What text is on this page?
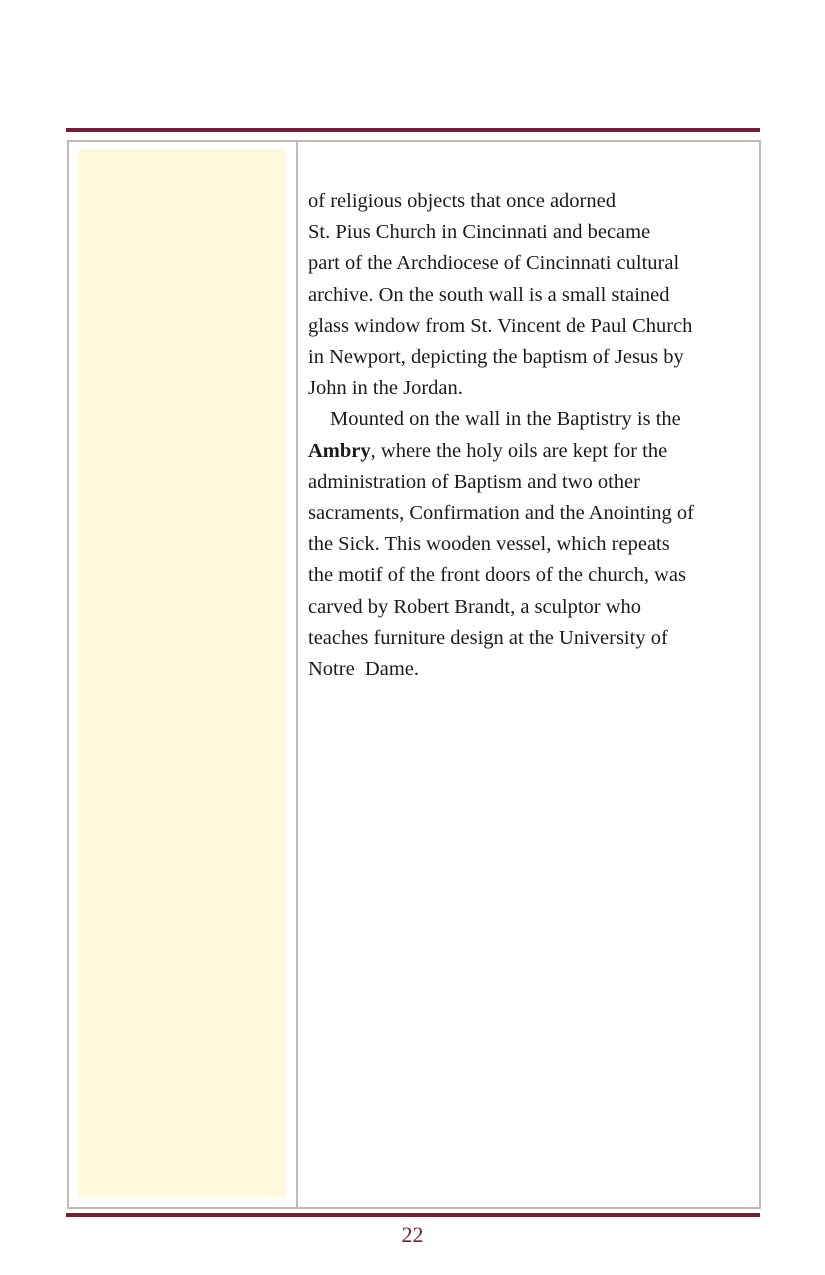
of religious objects that once adorned
St. Pius Church in Cincinnati and became
part of the Archdiocese of Cincinnati cultural
archive. On the south wall is a small stained
glass window from St. Vincent de Paul Church
in Newport, depicting the baptism of Jesus by
John in the Jordan.
Mounted on the wall in the Baptistry is the
Ambry, where the holy oils are kept for the
administration of Baptism and two other
sacraments, Confirmation and the Anointing of
the Sick. This wooden vessel, which repeats
the motif of the front doors of the church, was
carved by Robert Brandt, a sculptor who
teaches furniture design at the University of
Notre  Dame.
22
